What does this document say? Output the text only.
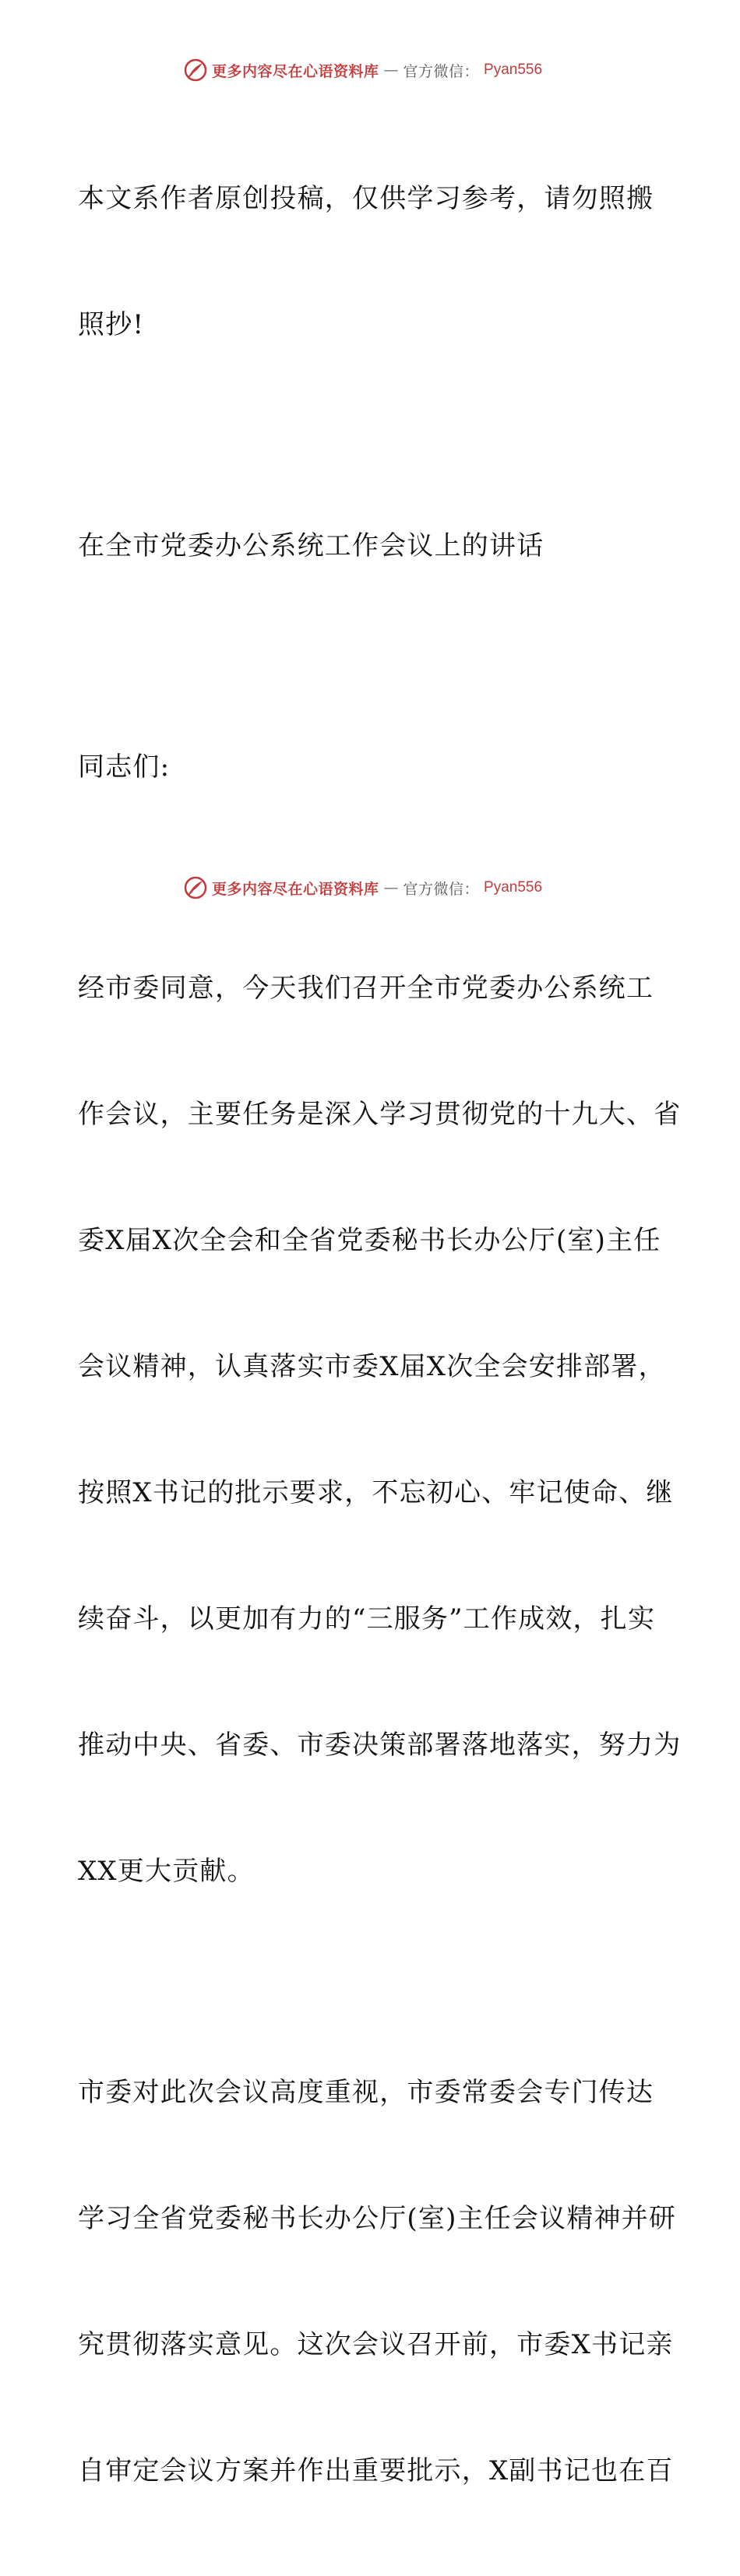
更多内容尽在心语资料库 — 官方微信： Pyan556

本文系作者原创投稿，仅供学习参考，请勿照搬

照抄!

在全市党委办公系统工作会议上的讲话

同志们:

经市委同意，今天我们召开全市党委办公系统工

作会议，主要任务是深入学习贯彻党的十九大、省

委X届X次全会和全省党委秘书长办公厅(室)主任

会议精神，认真落实市委X届X次全会安排部署，

按照X书记的批示要求，不忘初心、牢记使命、继

续奋斗，以更加有力的“三服务”工作成效，扎实

推动中央、省委、市委决策部署落地落实，努力为

XX更大贡献。

市委对此次会议高度重视，市委常委会专门传达

学习全省党委秘书长办公厅(室)主任会议精神并研

究贯彻落实意见。这次会议召开前，市委X书记亲

自审定会议方案并作出重要批示，X副书记也在百

更多内容尽在心语资料库 — 官方微信： Pyan556
